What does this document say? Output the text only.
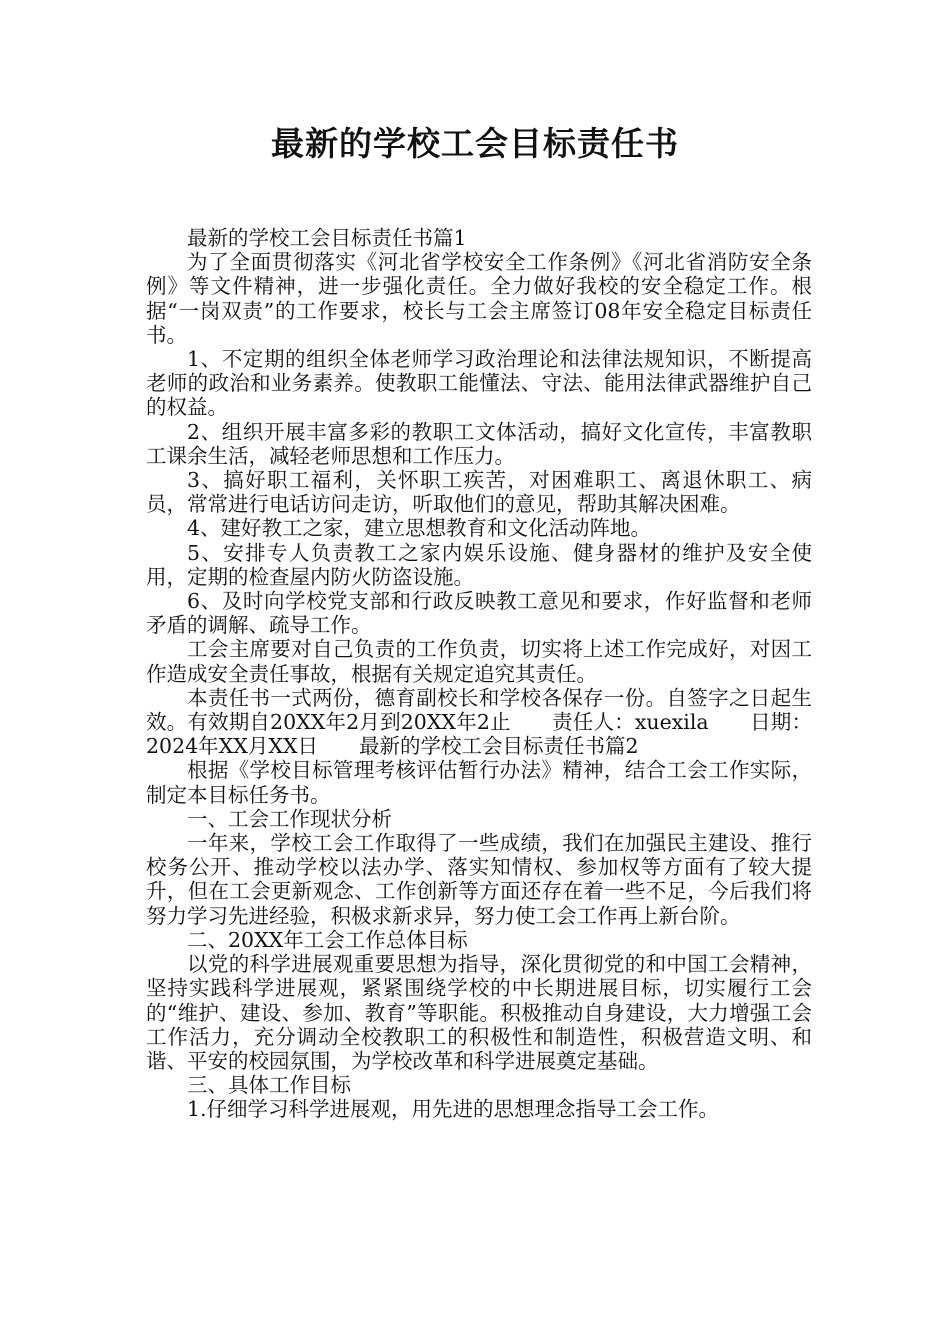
最新的学校工会目标责任书

最新的学校工会目标责任书篇1

为了全面贯彻落实《河北省学校安全工作条例》《河北省消防安全条例》等文件精神，进一步强化责任。全力做好我校的安全稳定工作。根据“一岗双责”的工作要求，校长与工会主席签订08年安全稳定目标责任书。

1、不定期的组织全体老师学习政治理论和法律法规知识，不断提高老师的政治和业务素养。使教职工能懂法、守法、能用法律武器维护自己的权益。

2、组织开展丰富多彩的教职工文体活动，搞好文化宣传，丰富教职工课余生活，减轻老师思想和工作压力。

3、搞好职工福利，关怀职工疾苦，对困难职工、离退休职工、病员，常常进行电话访问走访，听取他们的意见，帮助其解决困难。

4、建好教工之家，建立思想教育和文化活动阵地。

5、安排专人负责教工之家内娱乐设施、健身器材的维护及安全使用，定期的检查屋内防火防盗设施。

6、及时向学校党支部和行政反映教工意见和要求，作好监督和老师矛盾的调解、疏导工作。

工会主席要对自己负责的工作负责，切实将上述工作完成好，对因工作造成安全责任事故，根据有关规定追究其责任。

本责任书一式两份，德育副校长和学校各保存一份。自签字之日起生效。有效期自20XX年2月到20XX年2止　　责任人：xuexila　　日期：2024年XX月XX日　　最新的学校工会目标责任书篇2

根据《学校目标管理考核评估暂行办法》精神，结合工会工作实际，制定本目标任务书。

一、工会工作现状分析

一年来，学校工会工作取得了一些成绩，我们在加强民主建设、推行校务公开、推动学校以法办学、落实知情权、参加权等方面有了较大提升，但在工会更新观念、工作创新等方面还存在着一些不足，今后我们将努力学习先进经验，积极求新求异，努力使工会工作再上新台阶。

二、20XX年工会工作总体目标

以党的科学进展观重要思想为指导，深化贯彻党的和中国工会精神，坚持实践科学进展观，紧紧围绕学校的中长期进展目标，切实履行工会的“维护、建设、参加、教育”等职能。积极推动自身建设，大力增强工会工作活力，充分调动全校教职工的积极性和制造性，积极营造文明、和谐、平安的校园氛围，为学校改革和科学进展奠定基础。

三、具体工作目标

1.仔细学习科学进展观，用先进的思想理念指导工会工作。
